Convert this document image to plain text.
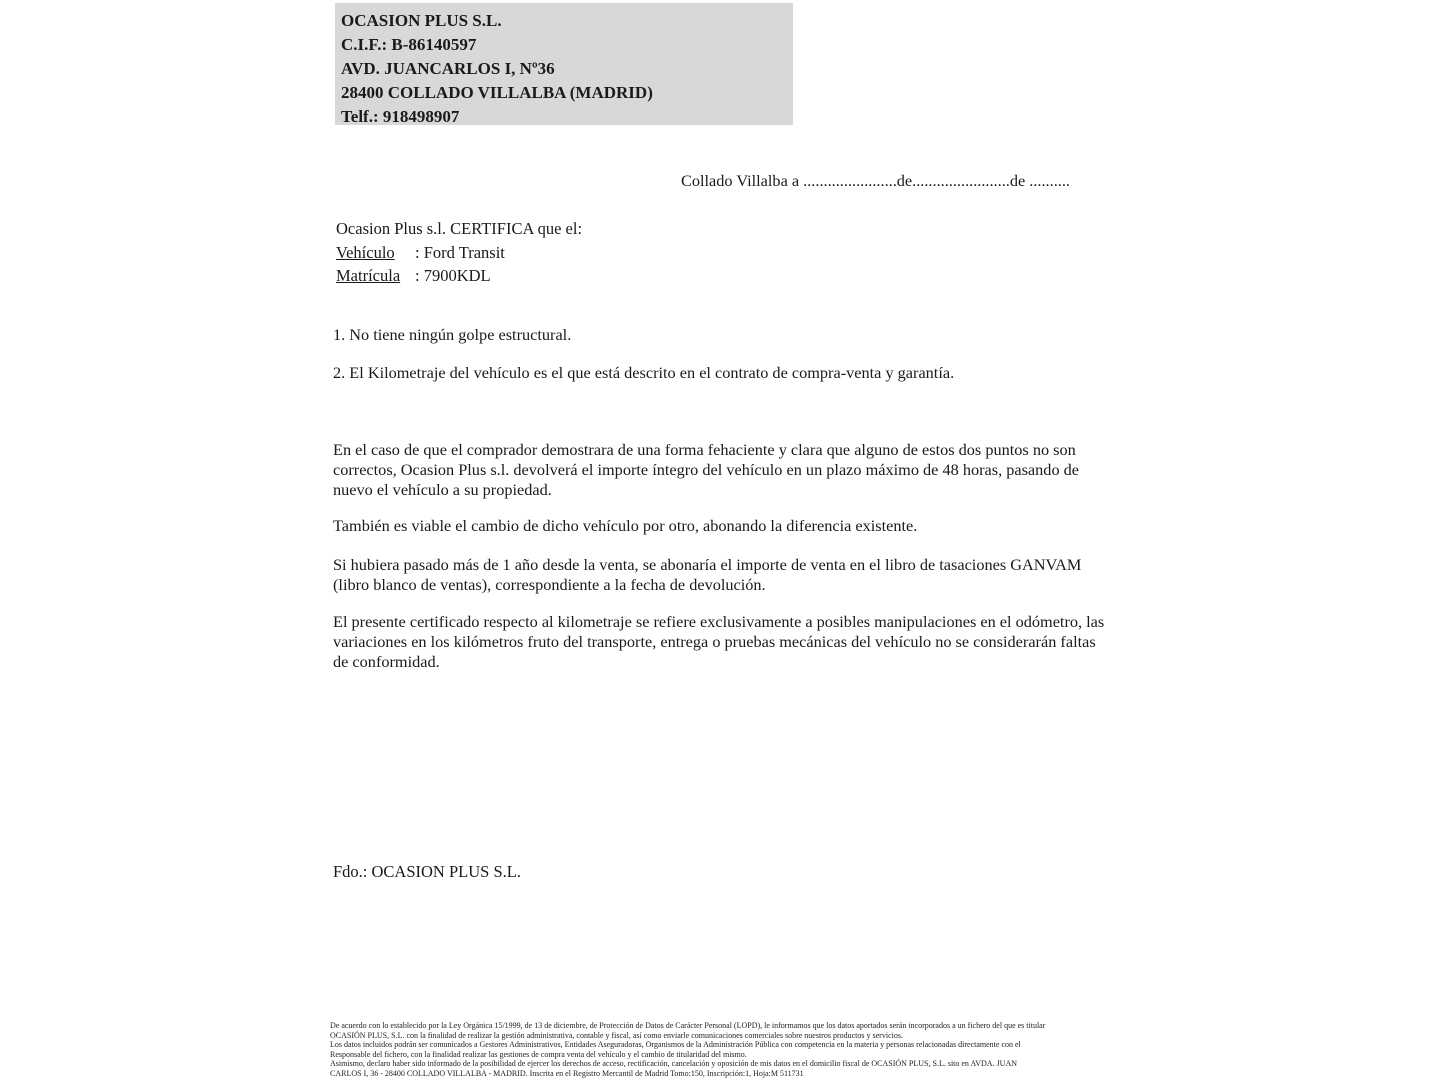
OCASION PLUS S.L.
C.I.F.: B-86140597
AVD. JUANCARLOS I, Nº36
28400 COLLADO VILLALBA (MADRID)
Telf.: 918498907
Collado Villalba a .......................de........................de ..........
Ocasion Plus s.l. CERTIFICA que el:
Vehículo : Ford Transit
Matrícula : 7900KDL
1. No tiene ningún golpe estructural.
2. El Kilometraje del vehículo es el que está descrito en el contrato de compra-venta y garantía.
En el caso de que el comprador demostrara de una forma fehaciente y clara que alguno de estos dos puntos no son correctos, Ocasion Plus s.l. devolverá el importe íntegro del vehículo en un plazo máximo de 48 horas, pasando de nuevo el vehículo a su propiedad.
También es viable el cambio de dicho vehículo por otro, abonando la diferencia existente.
Si hubiera pasado más de 1 año desde la venta, se abonaría el importe de venta en el libro de tasaciones GANVAM (libro blanco de ventas), correspondiente a la fecha de devolución.
El presente certificado respecto al kilometraje se refiere exclusivamente a posibles manipulaciones en el odómetro, las variaciones en los kilómetros fruto del transporte, entrega o pruebas mecánicas del vehículo no se considerarán faltas de conformidad.
Fdo.: OCASION PLUS S.L.
De acuerdo con lo establecido por la Ley Orgánica 15/1999, de 13 de diciembre, de Protección de Datos de Carácter Personal (LOPD), le informamos que los datos aportados serán incorporados a un fichero del que es titular
OCASIÓN PLUS, S.L. con la finalidad de realizar la gestión administrativa, contable y fiscal, así como enviarle comunicaciones comerciales sobre nuestros productos y servicios.
Los datos incluidos podrán ser comunicados a Gestores Administrativos, Entidades Aseguradoras, Organismos de la Administración Pública con competencia en la materia y personas relacionadas directamente con el
Responsable del fichero, con la finalidad realizar las gestiones de compra venta del vehículo y el cambio de titularidad del mismo.
Asimismo, declaro haber sido informado de la posibilidad de ejercer los derechos de acceso, rectificación, cancelación y oposición de mis datos en el domicilio fiscal de OCASIÓN PLUS, S.L. sito en AVDA. JUAN
CARLOS I, 36 - 28400 COLLADO VILLALBA - MADRID. Inscrita en el Registro Mercantil de Madrid Tomo:150, Inscripción:1, Hoja:M 511731
